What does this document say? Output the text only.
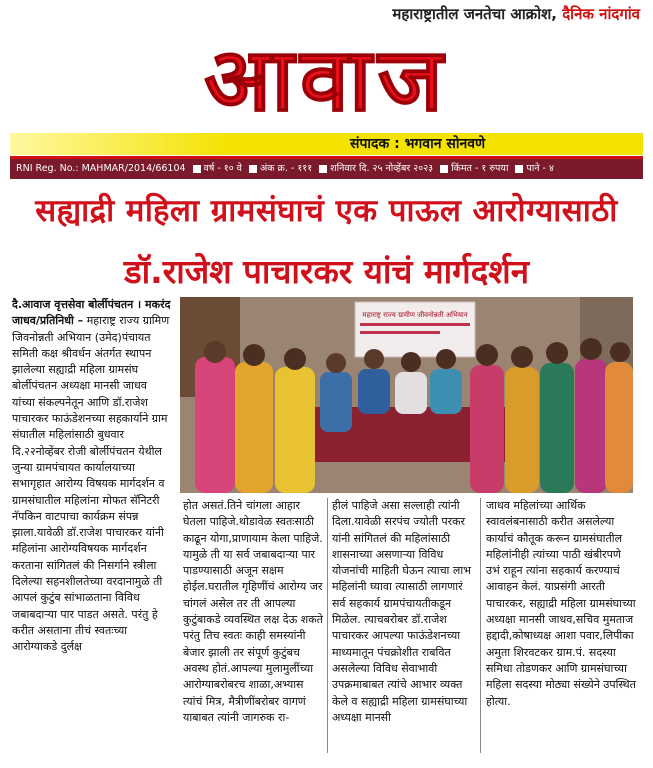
महाराष्ट्रातील जनतेचा आक्रोश, दैनिक नांदगांव
आवाज
संपादक : भगवान सोनवणे
RNI Reg. No.: MAHMAR/2014/66104	वर्ष - १० वे	अंक क्र. - १११	शनिवार दि. २५ नोव्हेंबर २०२३	किंमत - १ रुपया	पाने - ४
सह्याद्री महिला ग्रामसंघाचं एक पाऊल आरोग्यासाठी
डॉ.राजेश पाचारकर यांचं मार्गदर्शन

दै.आवाज वृत्तसेवा बोर्लीपंचतन । मकरंद जाधव/प्रतिनिधी – महाराष्ट्र राज्य ग्रामिण जिवनोन्नती अभियान (उमेद)पंचायत समिती कक्ष श्रीवर्धन अंतर्गत स्थापन झालेल्या सह्याद्री महिला ग्रामसंघ बोर्लीपंचतन अध्यक्षा मानसी जाधव यांच्या संकल्पनेतून आणि डॉ.राजेश पाचारकर फाऊंडेशनच्या सहकार्याने ग्राम संघातील महिलांसाठी बुधवार दि.२२नोव्हेंबर रोजी बोर्लीपंचतन येथील जुन्या ग्रामपंचायत कार्यालयाच्या सभागृहात आरोग्य विषयक मार्गदर्शन व ग्रामसंघातील महिलांना मोफत सॅनिटरी नॅपकिन वाटपाचा कार्यक्रम संपन्न झाला.यावेळी डॉ.राजेश पाचारकर यांनी महिलांना आरोग्यविषयक मार्गदर्शन करताना सांगितलं की निसर्गाने स्त्रीला दिलेल्या सहनशीलतेच्या वरदानामुळे ती आपलं कुटुंब सांभाळताना विविध जबाबदाऱ्या पार पाडत असते. परंतु हे करीत असताना तीचं स्वतःच्या आरोग्याकडे दुर्लक्ष

महाराष्ट्र राज्य ग्रामीण जीवनोन्नती अभियान

होत असतं.तिने चांगला आहार घेतला पाहिजे.थोडावेळ स्वतःसाठी काढून योगा,प्राणायाम केला पाहिजे. यामुळे ती या सर्व जबाबदाऱ्या पार पाडण्यासाठी अजून सक्षम होईल.घरातील गृहिणींचं आरोग्य जर चांगलं असेल तर ती आपल्या कुटुंबाकडे व्यवस्थित लक्ष देऊ शकते परंतु तिच स्वतः काही समस्यांनी बेजार झाली तर संपूर्ण कुटुंबच अवस्थ होतं.आपल्या मुलामुलींच्या आरोग्याबरोबरच शाळा,अभ्यास त्यांचं मित्र, मैत्रीणींबरोबर वागणं याबाबत त्यांनी जागरुक रा-

हीलं पाहिजे असा सल्लाही त्यांनी दिला.यावेळी सरपंच ज्योती परकर यांनी सांगितलं की महिलांसाठी शासनाच्या असणाऱ्या विविध योजनांची माहिती घेऊन त्याचा लाभ महिलांनी घ्यावा त्यासाठी लागणारं सर्व सहकार्य ग्रामपंचायतीकडून मिळेल. त्याचबरोबर डॉ.राजेश पाचारकर आपल्या फाऊंडेशनच्या माध्यमातून पंचक्रोशीत राबवित असलेल्या विविध सेवाभावी उपक्रमाबाबत त्यांचे आभार व्यक्त केले व सह्याद्री महिला ग्रामसंघाच्या अध्यक्षा मानसी

जाधव महिलांच्या आर्थिक स्वावलंबनासाठी करीत असलेल्या कार्याचं कौतूक करून ग्रामसंघातील महिलांनीही त्यांच्या पाठी खंबीरपणे उभं राहून त्यांना सहकार्य करण्याचं आवाहन केलं. याप्रसंगी आरती पाचारकर, सह्याद्री महिला ग्रामसंघाच्या अध्यक्षा मानसी जाधव,सचिव मुमताज हद्दादी,कोषाध्यक्ष आशा पवार,लिपीका अमुता शिरवटकर ग्राम.पं. सदस्या समिधा तोडणकर आणि ग्रामसंघाच्या महिला सदस्या मोठ्या संख्येने उपस्थित होत्या.
